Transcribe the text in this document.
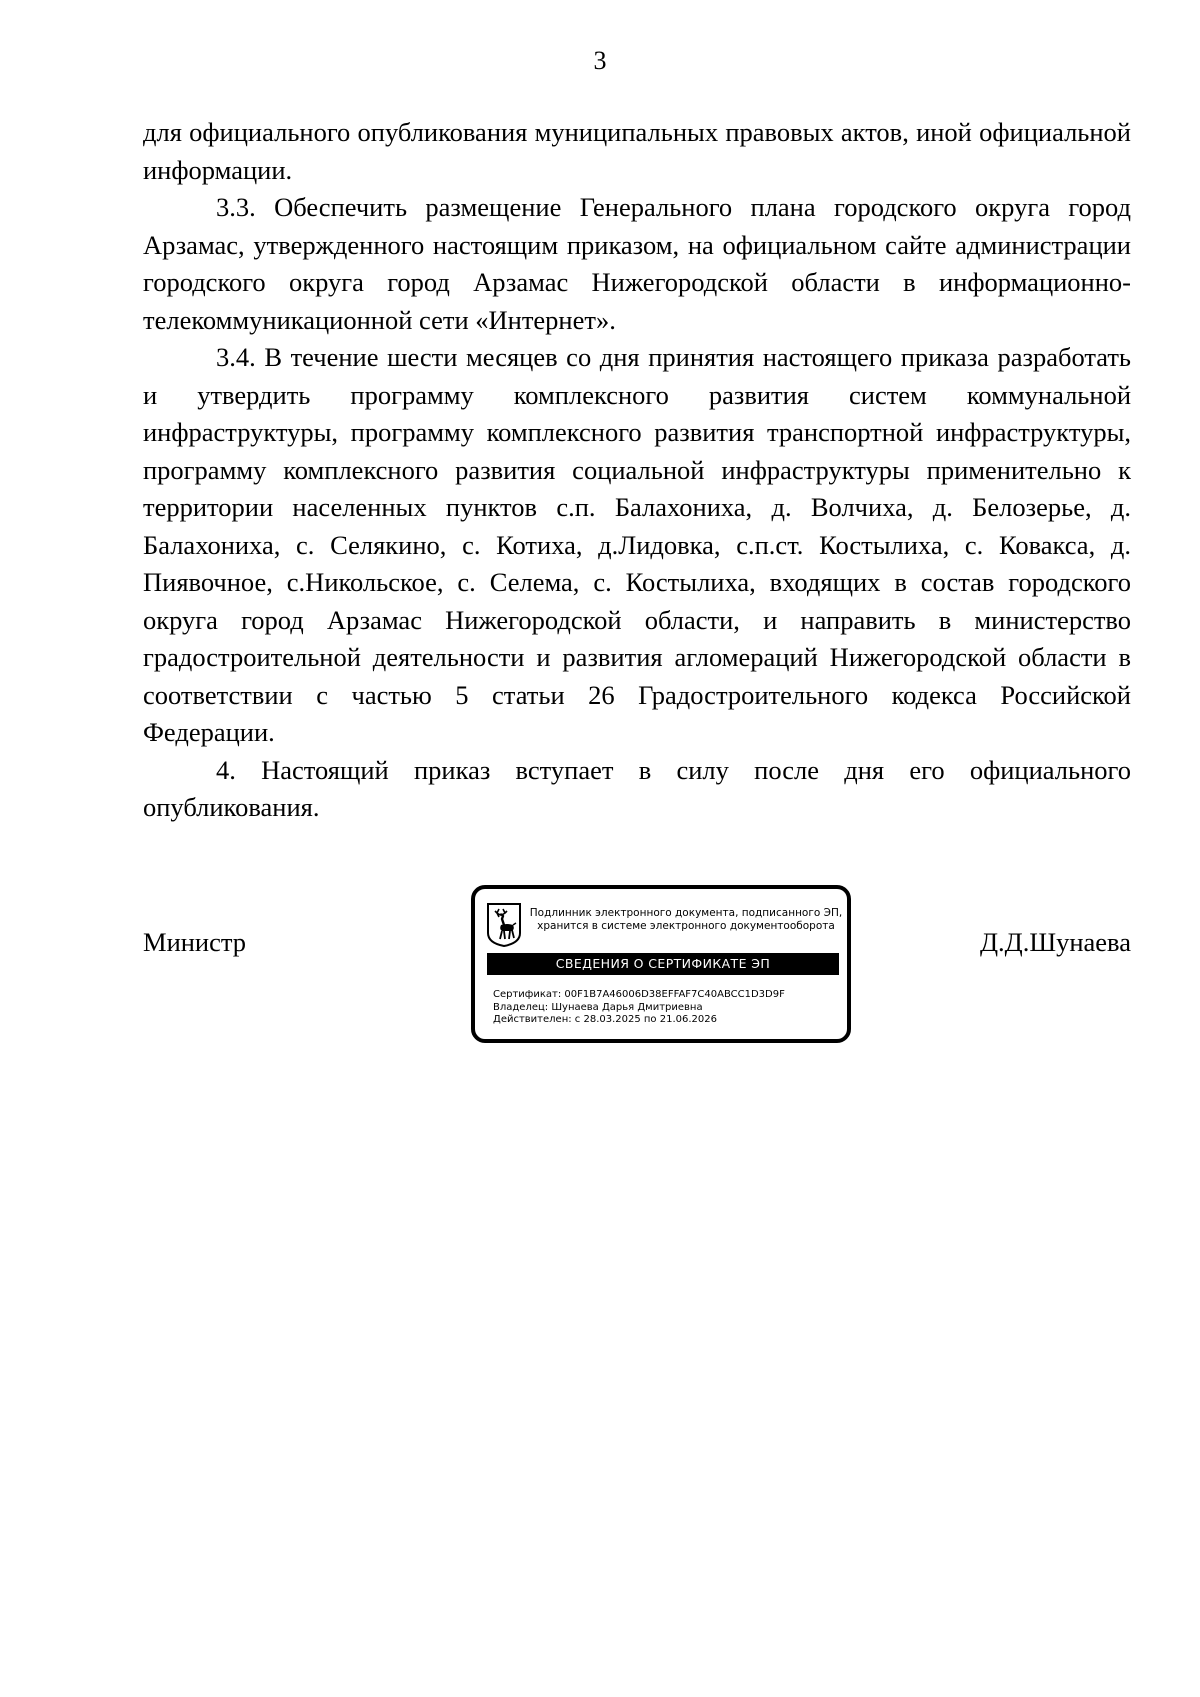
3

для официального опубликования муниципальных правовых актов, иной официальной информации.

3.3. Обеспечить размещение Генерального плана городского округа город Арзамас, утвержденного настоящим приказом, на официальном сайте администрации городского округа город Арзамас Нижегородской области в информационно-телекоммуникационной сети «Интернет».

3.4. В течение шести месяцев со дня принятия настоящего приказа разработать и утвердить программу комплексного развития систем коммунальной инфраструктуры, программу комплексного развития транспортной инфраструктуры, программу комплексного развития социальной инфраструктуры применительно к территории населенных пунктов с.п. Балахониха, д. Волчиха, д. Белозерье, д. Балахониха, с. Селякино, с. Котиха, д.Лидовка, с.п.ст. Костылиха, с. Ковакса, д. Пиявочное, с.Никольское, с. Селема, с. Костылиха, входящих в состав городского округа город Арзамас Нижегородской области, и направить в министерство градостроительной деятельности и развития агломераций Нижегородской области в соответствии с частью 5 статьи 26 Градостроительного кодекса Российской Федерации.

4. Настоящий приказ вступает в силу после дня его официального опубликования.

Министр
Подлинник электронного документа, подписанного ЭП,
хранится в системе электронного документооборота
СВЕДЕНИЯ О СЕРТИФИКАТЕ ЭП
Сертификат: 00F1B7A46006D38EFFAF7C40ABCC1D3D9F
Владелец: Шунаева Дарья Дмитриевна
Действителен: с 28.03.2025 по 21.06.2026
Д.Д.Шунаева
